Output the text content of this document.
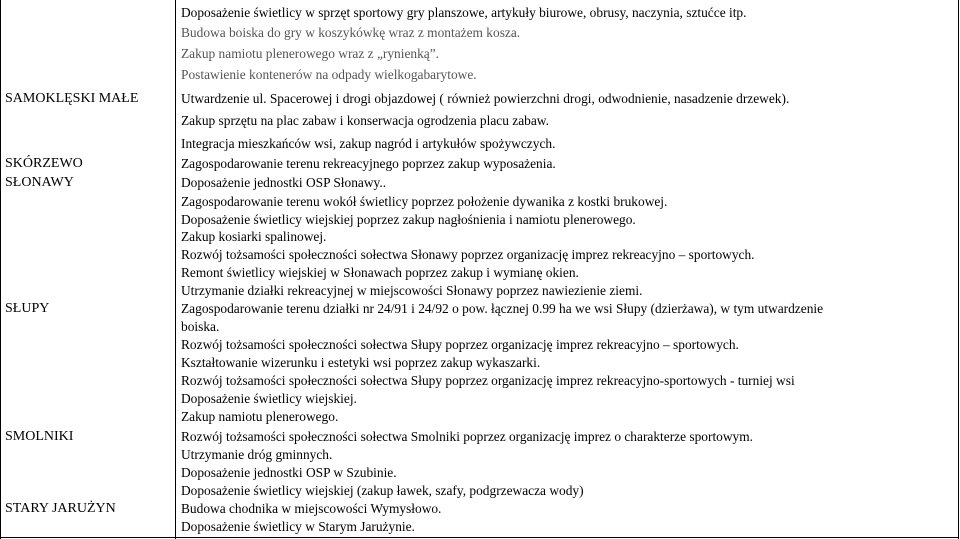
SAMOKLĘSKI MAŁE
SKÓRZEWO
SŁONAWY
SŁUPY
SMOLNIKI
STARY JARUŻYN
Doposażenie świetlicy w sprzęt sportowy gry planszowe, artykuły biurowe, obrusy, naczynia, sztućce itp.
Budowa boiska do gry w koszykówkę wraz z montażem kosza.
Zakup namiotu plenerowego wraz z „rynienką”.
Postawienie kontenerów na odpady wielkogabarytowe.
Utwardzenie ul. Spacerowej i drogi objazdowej ( również powierzchni drogi, odwodnienie, nasadzenie drzewek).
Zakup sprzętu na plac zabaw i konserwacja ogrodzenia placu zabaw.
Integracja mieszkańców wsi, zakup nagród i artykułów spożywczych.
Zagospodarowanie terenu rekreacyjnego poprzez zakup wyposażenia.
Doposażenie jednostki OSP Słonawy..
Zagospodarowanie terenu wokół świetlicy poprzez położenie dywanika z kostki brukowej.
Doposażenie świetlicy wiejskiej poprzez zakup nagłośnienia i namiotu plenerowego.
Zakup kosiarki spalinowej.
Rozwój tożsamości społeczności sołectwa Słonawy poprzez organizację imprez rekreacyjno – sportowych.
Remont świetlicy wiejskiej w Słonawach poprzez zakup i wymianę okien.
Utrzymanie działki rekreacyjnej w miejscowości Słonawy poprzez nawiezienie ziemi.
Zagospodarowanie terenu działki nr 24/91 i 24/92 o pow. łącznej 0.99 ha we wsi Słupy (dzierżawa), w tym utwardzenie
boiska.
Rozwój tożsamości społeczności sołectwa Słupy poprzez organizację imprez rekreacyjno – sportowych.
Kształtowanie wizerunku i estetyki wsi poprzez zakup wykaszarki.
Rozwój tożsamości społeczności sołectwa Słupy poprzez organizację imprez rekreacyjno-sportowych - turniej wsi
Doposażenie świetlicy wiejskiej.
Zakup namiotu plenerowego.
Rozwój tożsamości społeczności sołectwa Smolniki poprzez organizację imprez o charakterze sportowym.
Utrzymanie dróg gminnych.
Doposażenie jednostki OSP w Szubinie.
Doposażenie świetlicy wiejskiej (zakup ławek, szafy, podgrzewacza wody)
Budowa chodnika w miejscowości Wymysłowo.
Doposażenie świetlicy w Starym Jarużynie.
